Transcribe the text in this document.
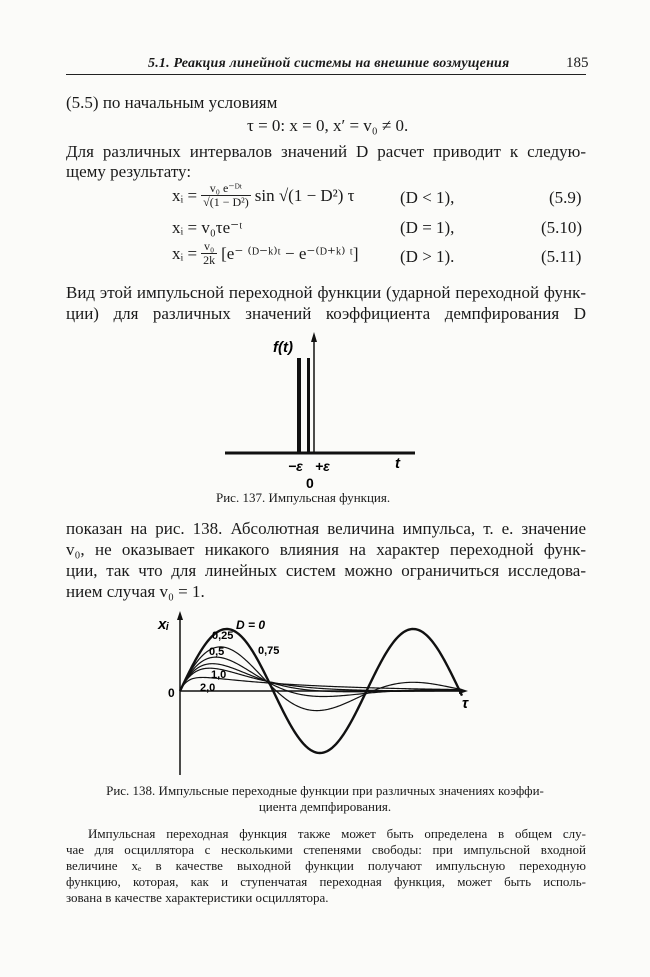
5.1. Реакция линейной системы на внешние возмущения	185
(5.5) по начальным условиям
τ = 0: x = 0, x′ = v₀ ≠ 0.
Для различных интервалов значений D расчет приводит к следую-
щему результату:
xᵢ = $\frac{\text{v₀ e⁻ᴰᵗ}}{\text{√(1 − D²)}}$ sin √(1 − D²) τ	(D < 1),	(5.9)
xᵢ = v₀τe⁻ᵗ	(D = 1),	(5.10)
xᵢ = $\frac{\text{v₀}}{2k} [e^-$ ⁽ᴰ⁻ᵏ⁾ᵗ − e⁻⁽ᴰ⁺ᵏ⁾ ᵗ] (D > 1).	(5.11)
Вид этой импульсной переходной функции (ударной переходной функ-
ции) для различных значений коэффициента демпфирования D
f(t)
t
−ε +ε
0
Рис. 137. Импульсная функция.
показан на рис. 138. Абсолютная величина импульса, т. е. значение
v₀, не оказывает никакого влияния на характер переходной функ-
ции, так что для линейных систем можно ограничиться исследова-
нием случая v₀ = 1.
xᵢ
τ
0
D = 0
0,25
0,5	0,75
1,0
2,0
Рис. 138. Импульсные переходные функции при различных значениях коэффи-
циента демпфирования.
Импульсная переходная функция также может быть определена в общем слу-
чае для осциллятора с несколькими степенями свободы: при импульсной входной
величине xₑ в качестве выходной функции получают импульсную переходную
функцию, которая, как и ступенчатая переходная функция, может быть исполь-
зована в качестве характеристики осциллятора.
